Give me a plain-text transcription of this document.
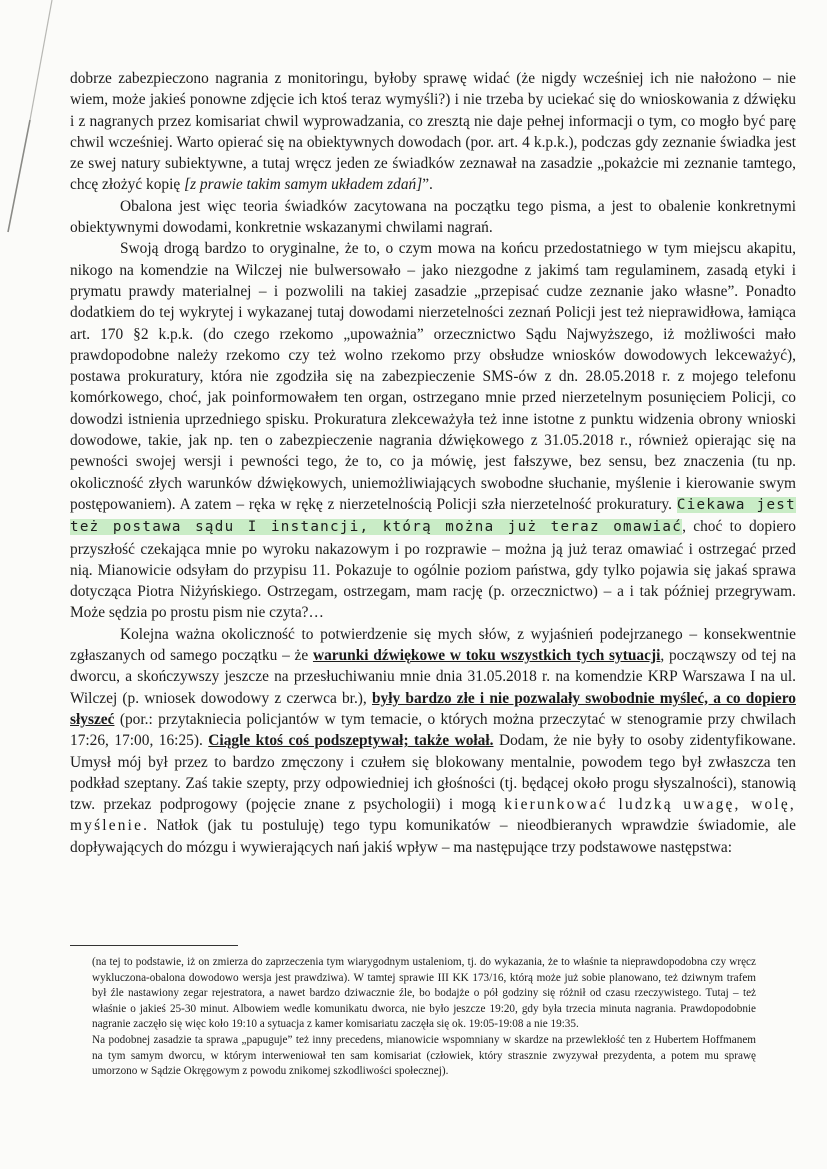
dobrze zabezpieczono nagrania z monitoringu, byłoby sprawę widać (że nigdy wcześniej ich nie nałożono – nie wiem, może jakieś ponowne zdjęcie ich ktoś teraz wymyśli?) i nie trzeba by uciekać się do wnioskowania z dźwięku i z nagranych przez komisariat chwil wyprowadzania, co zresztą nie daje pełnej informacji o tym, co mogło być parę chwil wcześniej. Warto opierać się na obiektywnych dowodach (por. art. 4 k.p.k.), podczas gdy zeznanie świadka jest ze swej natury subiektywne, a tutaj wręcz jeden ze świadków zeznawał na zasadzie „pokażcie mi zeznanie tamtego, chcę złożyć kopię [z prawie takim samym układem zdań]”.

Obalona jest więc teoria świadków zacytowana na początku tego pisma, a jest to obalenie konkretnymi obiektywnymi dowodami, konkretnie wskazanymi chwilami nagrań.

Swoją drogą bardzo to oryginalne, że to, o czym mowa na końcu przedostatniego w tym miejscu akapitu, nikogo na komendzie na Wilczej nie bulwersowało – jako niezgodne z jakimś tam regulaminem, zasadą etyki i prymatu prawdy materialnej – i pozwolili na takiej zasadzie „przepisać cudze zeznanie jako własne”. Ponadto dodatkiem do tej wykrytej i wykazanej tutaj dowodami nierzetelności zeznań Policji jest też nieprawidłowa, łamiąca art. 170 §2 k.p.k. (do czego rzekomo „upoważnia” orzecznictwo Sądu Najwyższego, iż możliwości mało prawdopodobne należy rzekomo czy też wolno rzekomo przy obsłudze wniosków dowodowych lekceważyć), postawa prokuratury, która nie zgodziła się na zabezpieczenie SMS-ów z dn. 28.05.2018 r. z mojego telefonu komórkowego, choć, jak poinformowałem ten organ, ostrzegano mnie przed nierzetelnym posunięciem Policji, co dowodzi istnienia uprzedniego spisku. Prokuratura zlekceważyła też inne istotne z punktu widzenia obrony wnioski dowodowe, takie, jak np. ten o zabezpieczenie nagrania dźwiękowego z 31.05.2018 r., również opierając się na pewności swojej wersji i pewności tego, że to, co ja mówię, jest fałszywe, bez sensu, bez znaczenia (tu np. okoliczność złych warunków dźwiękowych, uniemożliwiających swobodne słuchanie, myślenie i kierowanie swym postępowaniem). A zatem – ręka w rękę z nierzetelnością Policji szła nierzetelność prokuratury. Ciekawa jest też postawa sądu I instancji, którą można już teraz omawiać, choć to dopiero przyszłość czekająca mnie po wyroku nakazowym i po rozprawie – można ją już teraz omawiać i ostrzegać przed nią. Mianowicie odsyłam do przypisu 11. Pokazuje to ogólnie poziom państwa, gdy tylko pojawia się jakaś sprawa dotycząca Piotra Niżyńskiego. Ostrzegam, ostrzegam, mam rację (p. orzecznictwo) – a i tak później przegrywam. Może sędzia po prostu pism nie czyta?…

Kolejna ważna okoliczność to potwierdzenie się mych słów, z wyjaśnień podejrzanego – konsekwentnie zgłaszanych od samego początku – że warunki dźwiękowe w toku wszystkich tych sytuacji, począwszy od tej na dworcu, a skończywszy jeszcze na przesłuchiwaniu mnie dnia 31.05.2018 r. na komendzie KRP Warszawa I na ul. Wilczej (p. wniosek dowodowy z czerwca br.), były bardzo złe i nie pozwalały swobodnie myśleć, a co dopiero słyszeć (por.: przytakniecia policjantów w tym temacie, o których można przeczytać w stenogramie przy chwilach 17:26, 17:00, 16:25). Ciągle ktoś coś podszeptywał; także wołał. Dodam, że nie były to osoby zidentyfikowane. Umysł mój był przez to bardzo zmęczony i czułem się blokowany mentalnie, powodem tego był zwłaszcza ten podkład szeptany. Zaś takie szepty, przy odpowiedniej ich głośności (tj. będącej około progu słyszalności), stanowią tzw. przekaz podprogowy (pojęcie znane z psychologii) i mogą kierunkować ludzką uwagę, wolę, myślenie. Natłok (jak tu postuluję) tego typu komunikatów – nieodbieranych wprawdzie świadomie, ale dopływających do mózgu i wywierających nań jakiś wpływ – ma następujące trzy podstawowe następstwa:

(na tej to podstawie, iż on zmierza do zaprzeczenia tym wiarygodnym ustaleniom, tj. do wykazania, że to właśnie ta nieprawdopodobna czy wręcz wykluczona-obalona dowodowo wersja jest prawdziwa). W tamtej sprawie III KK 173/16, którą może już sobie planowano, też dziwnym trafem był źle nastawiony zegar rejestratora, a nawet bardzo dziwacznie źle, bo bodajże o pół godziny się różnił od czasu rzeczywistego. Tutaj – też właśnie o jakieś 25-30 minut. Albowiem wedle komunikatu dworca, nie było jeszcze 19:20, gdy była trzecia minuta nagrania. Prawdopodobnie nagranie zaczęło się więc koło 19:10 a sytuacja z kamer komisariatu zaczęła się ok. 19:05-19:08 a nie 19:35.

Na podobnej zasadzie ta sprawa „papuguje” też inny precedens, mianowicie wspomniany w skardze na przewlekłość ten z Hubertem Hoffmanem na tym samym dworcu, w którym interweniował ten sam komisariat (człowiek, który strasznie zwyzywał prezydenta, a potem mu sprawę umorzono w Sądzie Okręgowym z powodu znikomej szkodliwości społecznej).
